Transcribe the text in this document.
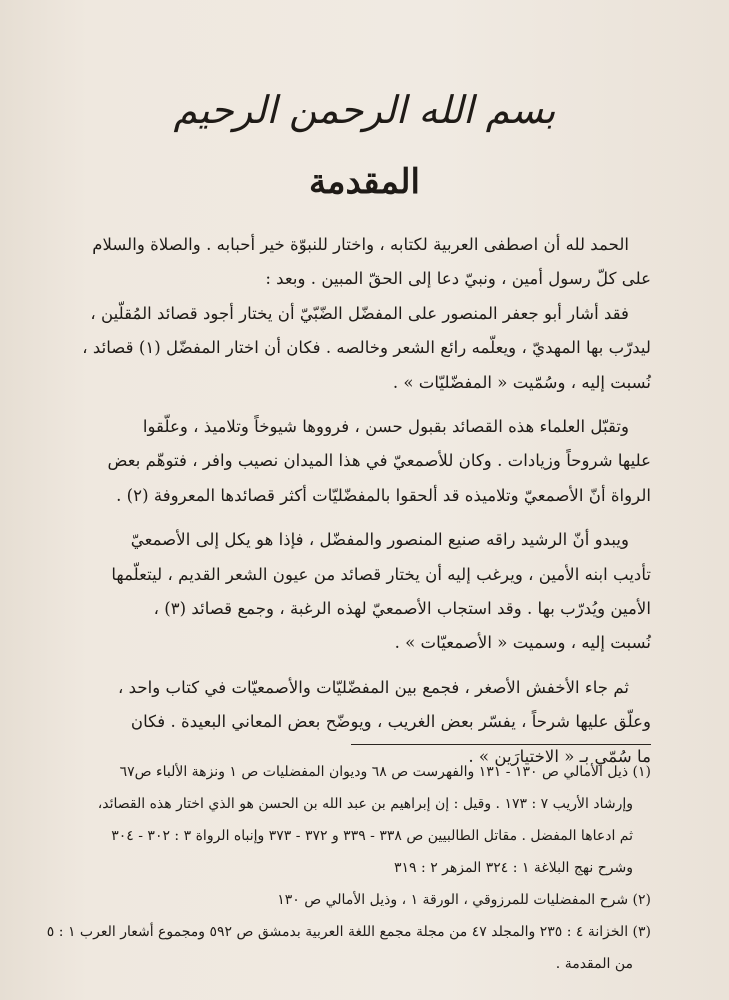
بسم الله الرحمن الرحيم
المقدمة

الحمد لله أن اصطفى العربية لكتابه ، واختار للنبوّة خير أحبابه . والصلاة والسلام

على كلّ رسول أمين ، ونبيّ دعا إلى الحقّ المبين . وبعد :

فقد أشار أبو جعفر المنصور على المفضّل الضّبّيّ أن يختار أجود قصائد المُقلّين ،

ليدرّب بها المهديّ ، ويعلّمه رائع الشعر وخالصه . فكان أن اختار المفضّل (١) قصائد ،

نُسبت إليه ، وسُمّيت « المفضّليّات » .

وتقبّل العلماء هذه القصائد بقبول حسن ، فرووها شيوخاً وتلاميذ ، وعلّقوا

عليها شروحاً وزيادات . وكان للأصمعيّ في هذا الميدان نصيب وافر ، فتوهّم بعض

الرواة أنّ الأصمعيّ وتلاميذه قد ألحقوا بالمفضّليّات أكثر قصائدها المعروفة (٢) .

ويبدو أنّ الرشيد راقه صنيع المنصور والمفضّل ، فإذا هو يكل إلى الأصمعيّ

تأديب ابنه الأمين ، ويرغب إليه أن يختار قصائد من عيون الشعر القديم ، ليتعلّمها

الأمين ويُدرّب بها . وقد استجاب الأصمعيّ لهذه الرغبة ، وجمع قصائد (٣) ،

نُسبت إليه ، وسميت « الأصمعيّات » .

ثم جاء الأخفش الأصغر ، فجمع بين المفضّليّات والأصمعيّات في كتاب واحد ،

وعلّق عليها شرحاً ، يفسّر بعض الغريب ، ويوضّح بعض المعاني البعيدة . فكان

ما سُمّي بـ « الاختيارَين » .

(١) ذيل الأمالي ص ١٣٠ - ١٣١ والفهرست ص ٦٨ وديوان المفضليات ص ١ ونزهة الألباء ص٦٧

وإرشاد الأريب ٧ : ١٧٣ . وقيل : إن إبراهيم بن عبد الله بن الحسن هو الذي اختار هذه القصائد،

ثم ادعاها المفضل . مقاتل الطالبيين ص ٣٣٨ - ٣٣٩ و ٣٧٢ - ٣٧٣ وإنباه الرواة ٣ : ٣٠٢ - ٣٠٤

وشرح نهج البلاغة ١ : ٣٢٤ المزهر ٢ : ٣١٩

(٢) شرح المفضليات للمرزوقي ، الورقة ١ ، وذيل الأمالي ص ١٣٠

(٣) الخزانة ٤ : ٢٣٥ والمجلد ٤٧ من مجلة مجمع اللغة العربية بدمشق ص ٥٩٢ ومجموع أشعار العرب ١ : ٥

من المقدمة .
